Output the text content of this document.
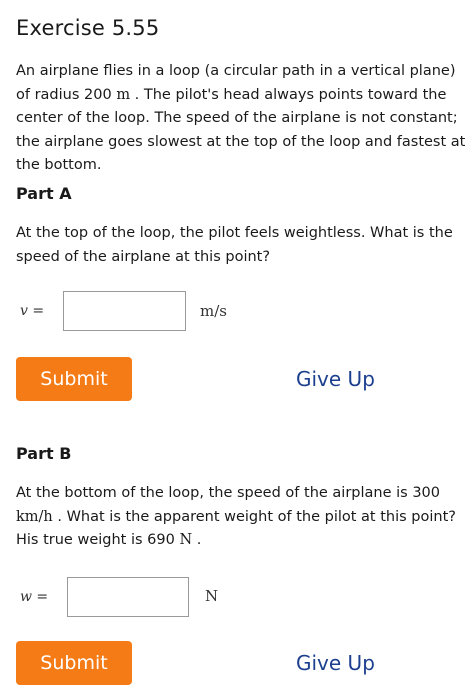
Exercise 5.55
An airplane flies in a loop (a circular path in a vertical plane) of radius 200 m . The pilot's head always points toward the center of the loop. The speed of the airplane is not constant; the airplane goes slowest at the top of the loop and fastest at the bottom.
Part A
At the top of the loop, the pilot feels weightless. What is the speed of the airplane at this point?
v =	m/s
Submit	Give Up
Part B
At the bottom of the loop, the speed of the airplane is 300 km/h . What is the apparent weight of the pilot at this point? His true weight is 690 N .
w =	N
Submit	Give Up
